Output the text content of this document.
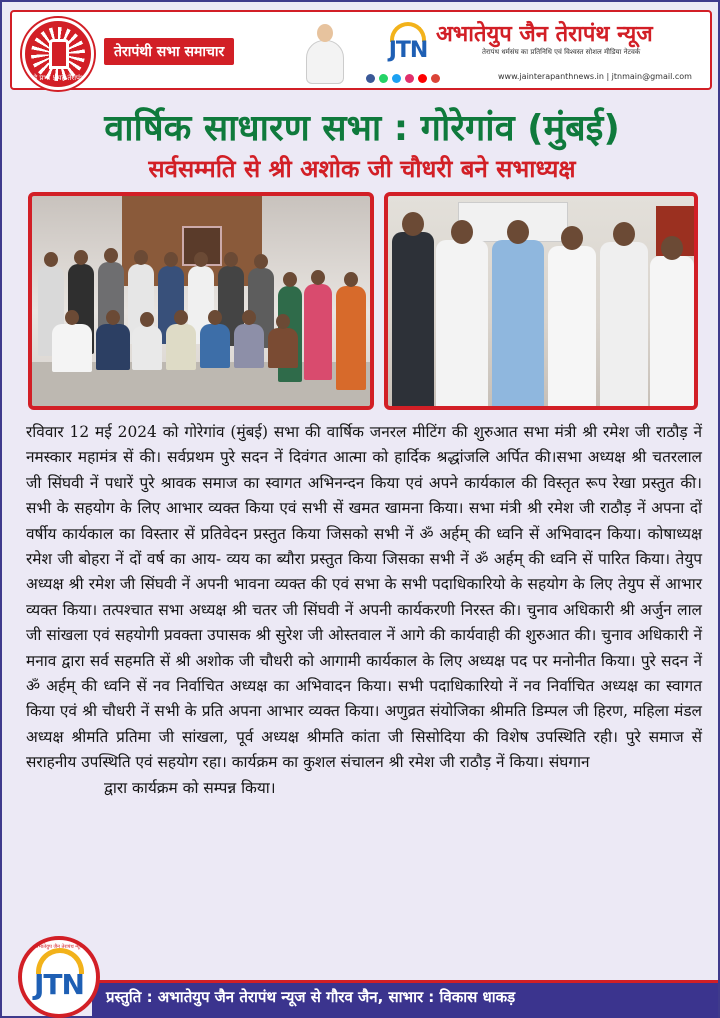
हे प्रभो ! यह तेरापंथ
तेरापंथी सभा समाचार	JTN
अभातेयुप जैन तेरापंथ न्यूज
तेरापंथ धर्मसंघ का प्रतिनिधि एवं विश्वस्त सोशल मीडिया नेटवर्क
www.jainterapanthnews.in | jtnmain@gmail.com
वार्षिक साधारण सभा : गोरेगांव (मुंबई)
सर्वसम्मति से श्री अशोक जी चौधरी बने सभाध्यक्ष
रविवार 12 मई 2024 को गोरेगांव (मुंबई) सभा की वार्षिक जनरल मीटिंग की शुरुआत सभा मंत्री श्री रमेश जी राठौड़ नें नमस्कार महामंत्र सें की। सर्वप्रथम पुरे सदन नें दिवंगत आत्मा को हार्दिक श्रद्धांजलि अर्पित की।सभा अध्यक्ष श्री चतरलाल जी सिंघवी नें पधारें पुरे श्रावक समाज का स्वागत अभिनन्दन किया एवं अपने कार्यकाल की विस्तृत रूप रेखा प्रस्तुत की। सभी के सहयोग के लिए आभार व्यक्त किया एवं सभी सें खमत खामना किया। सभा मंत्री श्री रमेश जी राठौड़ नें अपना दों वर्षीय कार्यकाल का विस्तार सें प्रतिवेदन प्रस्तुत किया जिसको सभी नें ॐ अर्हम् की ध्वनि सें अभिवादन किया। कोषाध्यक्ष रमेश जी बोहरा नें दों वर्ष का आय- व्यय का ब्यौरा प्रस्तुत किया जिसका सभी नें ॐ अर्हम् की ध्वनि सें पारित किया। तेयुप अध्यक्ष श्री रमेश जी सिंघवी नें अपनी भावना व्यक्त की एवं सभा के सभी पदाधिकारियो के सहयोग के लिए तेयुप सें आभार व्यक्त किया। तत्पश्चात सभा अध्यक्ष श्री चतर जी सिंघवी नें अपनी कार्यकरणी निरस्त की। चुनाव अधिकारी श्री अर्जुन लाल जी सांखला एवं सहयोगी प्रवक्ता उपासक श्री सुरेश जी ओस्तवाल नें आगे की कार्यवाही की शुरुआत की। चुनाव अधिकारी नें मनाव द्वारा सर्व सहमति सें श्री अशोक जी चौधरी को आगामी कार्यकाल के लिए अध्यक्ष पद पर मनोनीत किया। पुरे सदन नें ॐ अर्हम् की ध्वनि सें नव निर्वाचित अध्यक्ष का अभिवादन किया। सभी पदाधिकारियो नें नव निर्वाचित अध्यक्ष का स्वागत किया एवं श्री चौधरी नें सभी के प्रति अपना आभार व्यक्त किया। अणुव्रत संयोजिका श्रीमति डिम्पल जी हिरण, महिला मंडल अध्यक्ष श्रीमति प्रतिमा जी सांखला, पूर्व अध्यक्ष श्रीमति कांता जी सिसोदिया की विशेष उपस्थिति रही। पुरे समाज सें सराहनीय उपस्थिति एवं सहयोग रहा। कार्यक्रम का कुशल संचालन श्री रमेश जी राठौड़ नें किया। संघगान
द्वारा कार्यक्रम को सम्पन्न किया।
प्रस्तुति : अभातेयुप जैन तेरापंथ न्यूज से गौरव जैन, साभार : विकास धाकड़
अभातेयुप जैन तेरापंथ न्यूज
JTN
